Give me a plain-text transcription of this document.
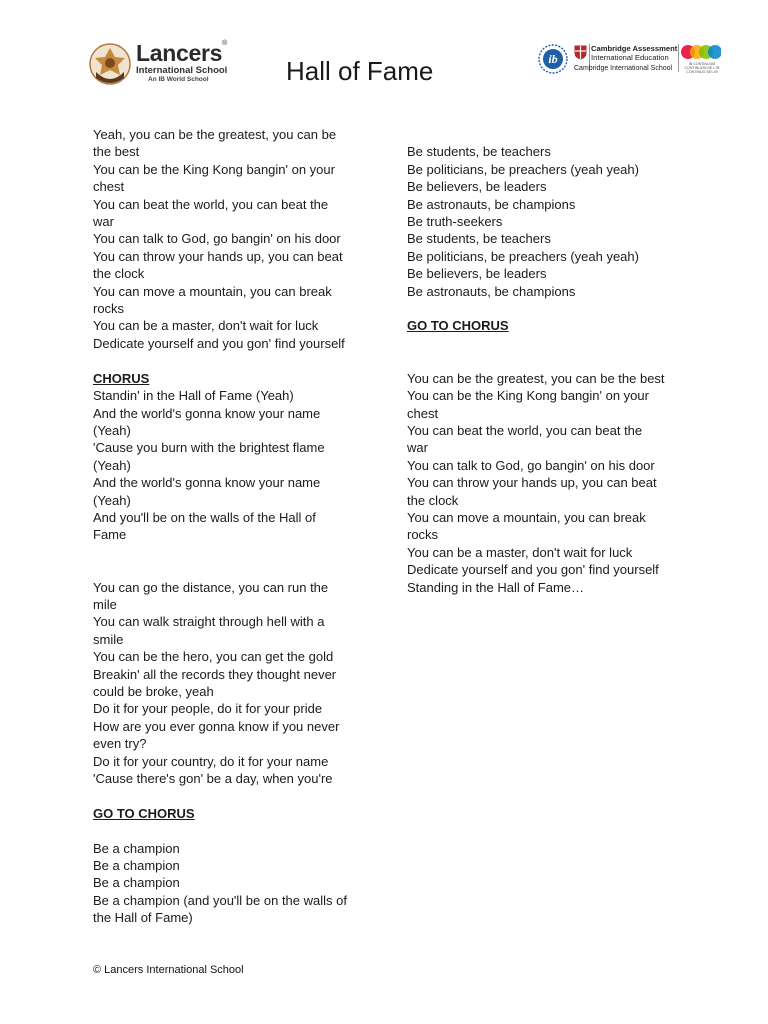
Lancers®
International School
An IB World School	Hall of Fame	ib
Cambridge Assessment
International Education
Cambridge International School
IB CONTINUUM
CONTINUUM DE L'IB
CONTINUO DEL IB
Yeah, you can be the greatest, you can be
the best
You can be the King Kong bangin' on your
chest
You can beat the world, you can beat the
war
You can talk to God, go bangin' on his door
You can throw your hands up, you can beat
the clock
You can move a mountain, you can break
rocks
You can be a master, don't wait for luck
Dedicate yourself and you gon' find yourself

CHORUS
Standin' in the Hall of Fame (Yeah)
And the world's gonna know your name
(Yeah)
'Cause you burn with the brightest flame
(Yeah)
And the world's gonna know your name
(Yeah)
And you'll be on the walls of the Hall of
Fame

You can go the distance, you can run the
mile
You can walk straight through hell with a
smile
You can be the hero, you can get the gold
Breakin' all the records they thought never
could be broke, yeah
Do it for your people, do it for your pride
How are you ever gonna know if you never
even try?
Do it for your country, do it for your name
'Cause there's gon' be a day, when you're

GO TO CHORUS

Be a champion
Be a champion
Be a champion
Be a champion (and you'll be on the walls of
the Hall of Fame)

Be students, be teachers
Be politicians, be preachers (yeah yeah)
Be believers, be leaders
Be astronauts, be champions
Be truth-seekers
Be students, be teachers
Be politicians, be preachers (yeah yeah)
Be believers, be leaders
Be astronauts, be champions

GO TO CHORUS

You can be the greatest, you can be the best
You can be the King Kong bangin' on your
chest
You can beat the world, you can beat the
war
You can talk to God, go bangin' on his door
You can throw your hands up, you can beat
the clock
You can move a mountain, you can break
rocks
You can be a master, don't wait for luck
Dedicate yourself and you gon' find yourself
Standing in the Hall of Fame…
© Lancers International School
